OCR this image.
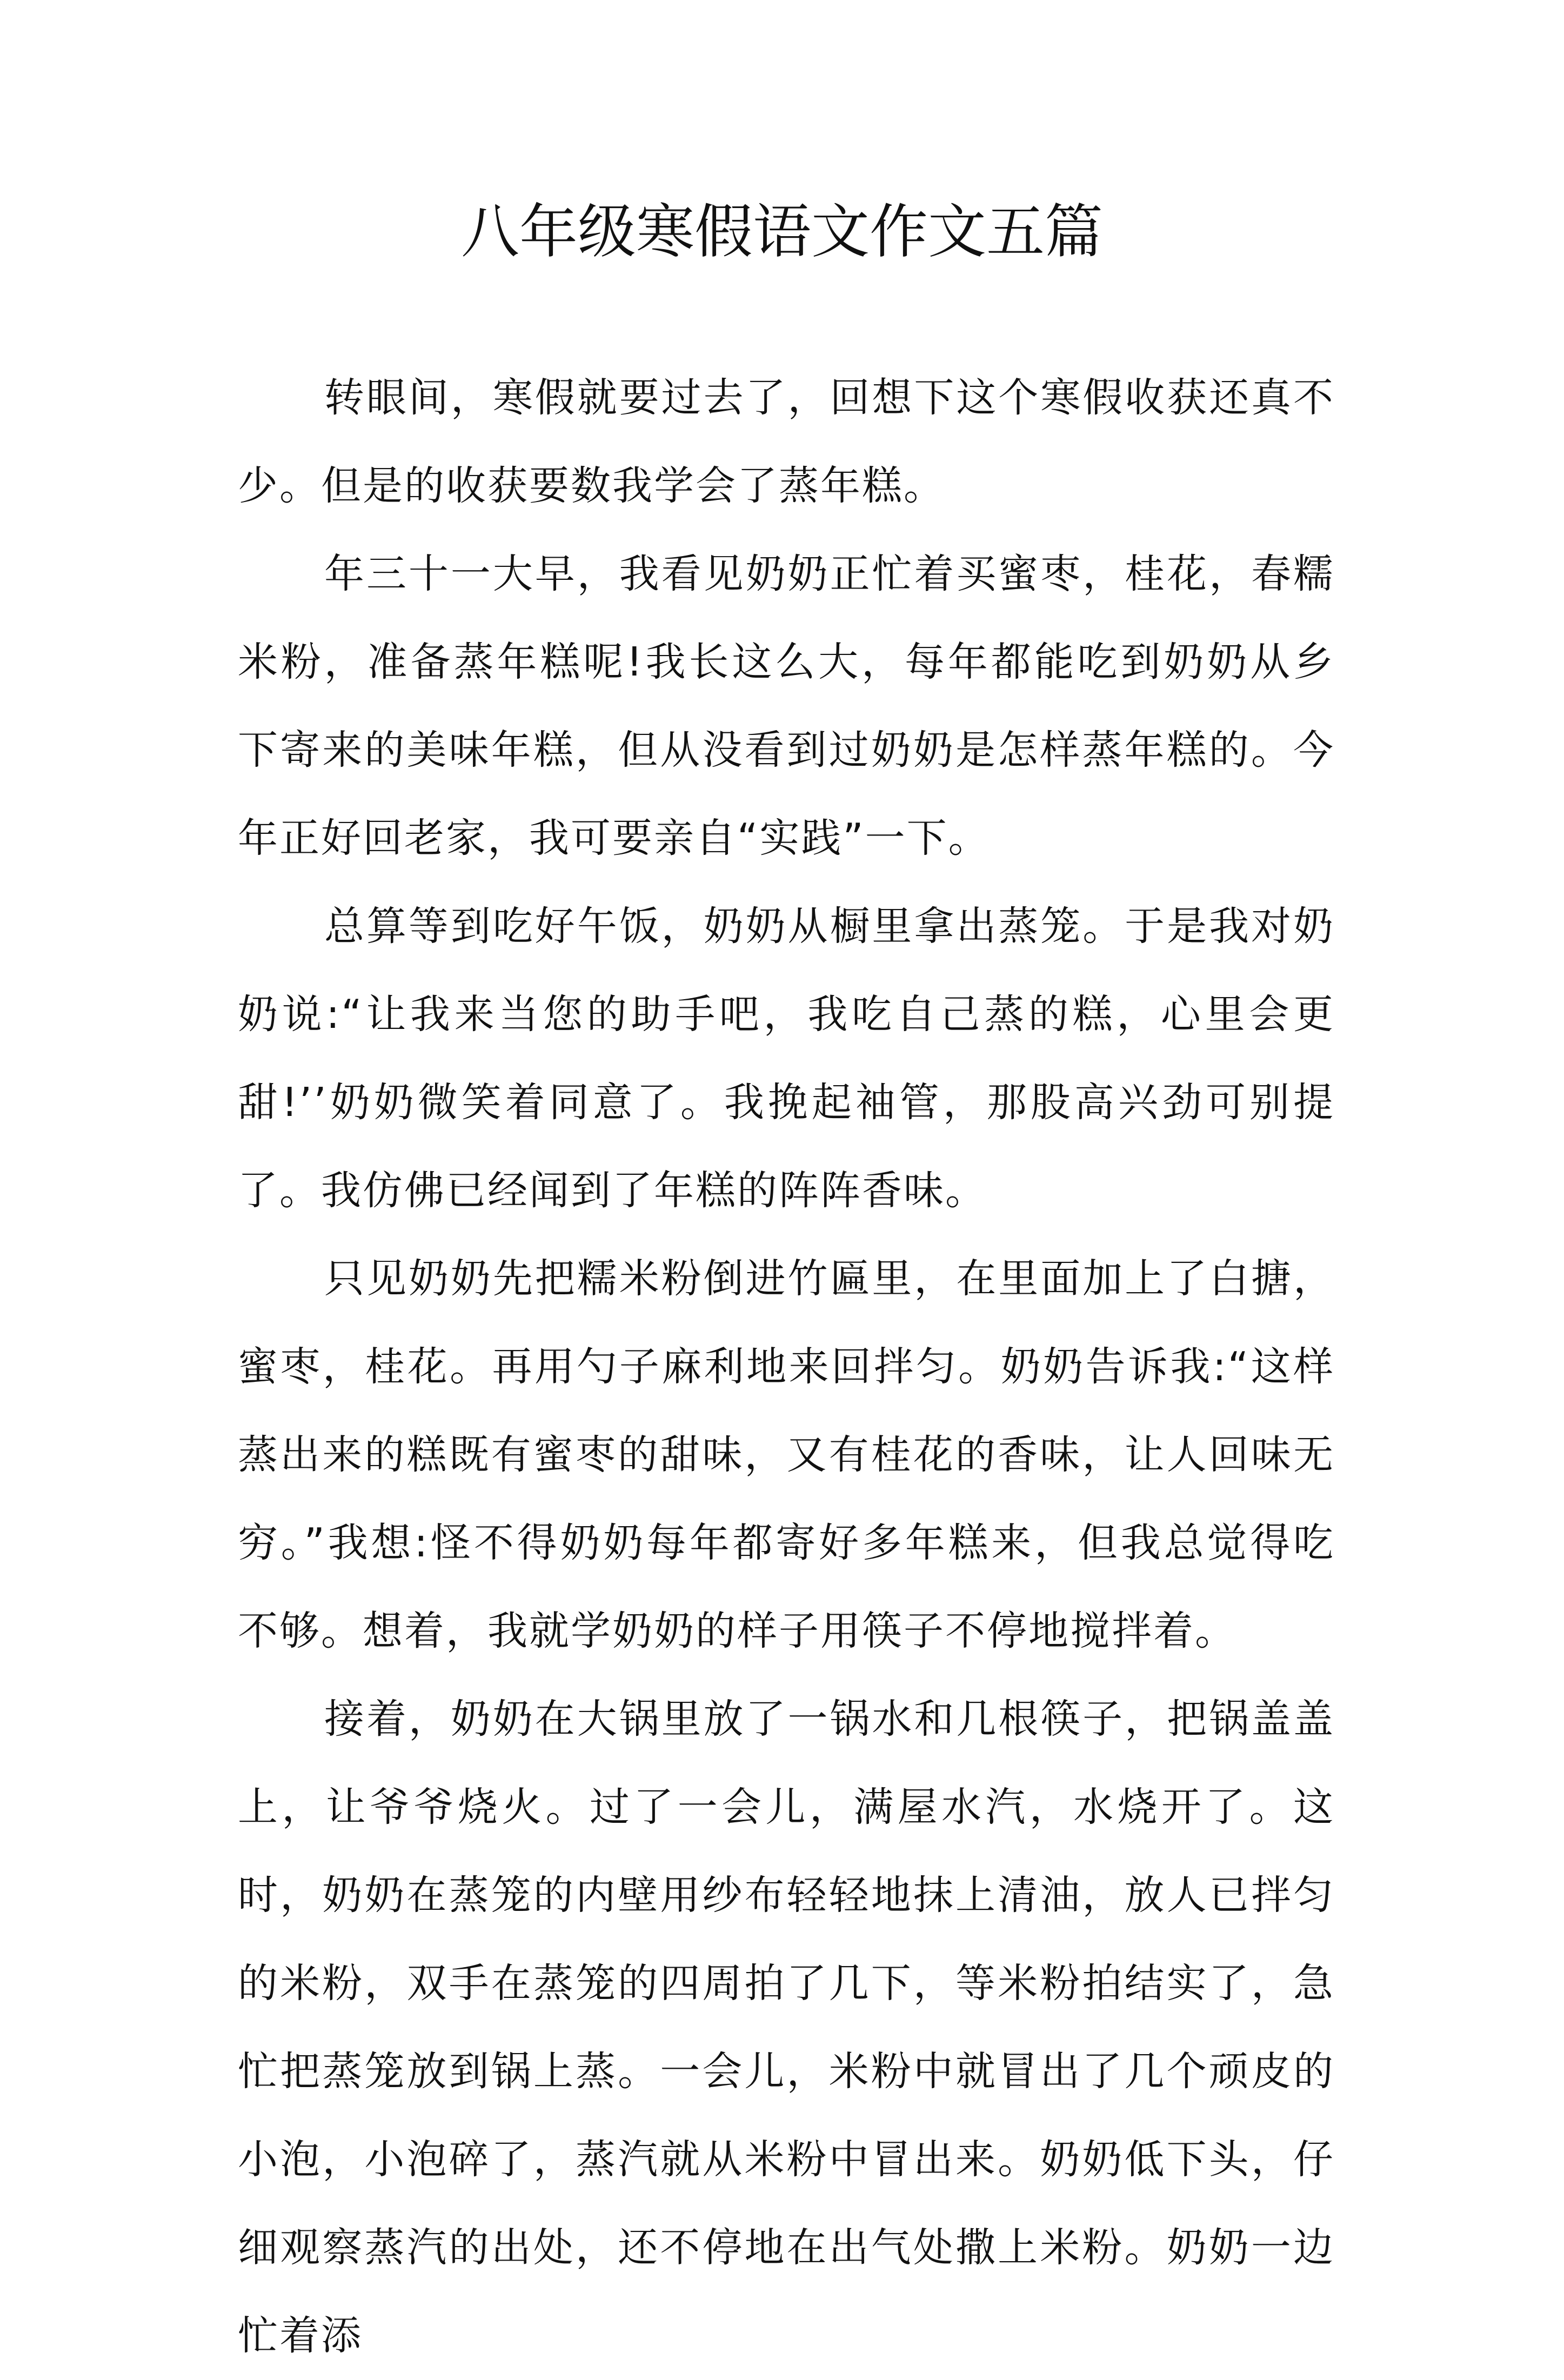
八年级寒假语文作文五篇

转眼间，寒假就要过去了，回想下这个寒假收获还真不少。但是的收获要数我学会了蒸年糕。

年三十一大早，我看见奶奶正忙着买蜜枣，桂花，春糯米粉，准备蒸年糕呢!我长这么大，每年都能吃到奶奶从乡下寄来的美味年糕，但从没看到过奶奶是怎样蒸年糕的。今年正好回老家，我可要亲自“实践”一下。

总算等到吃好午饭，奶奶从橱里拿出蒸笼。于是我对奶奶说:“让我来当您的助手吧，我吃自己蒸的糕，心里会更甜!’’奶奶微笑着同意了。我挽起袖管，那股高兴劲可别提了。我仿佛已经闻到了年糕的阵阵香味。

只见奶奶先把糯米粉倒进竹匾里，在里面加上了白搪，蜜枣，桂花。再用勺子麻利地来回拌匀。奶奶告诉我:“这样蒸出来的糕既有蜜枣的甜味，又有桂花的香味，让人回味无穷。”我想:怪不得奶奶每年都寄好多年糕来，但我总觉得吃不够。想着，我就学奶奶的样子用筷子不停地搅拌着。

接着，奶奶在大锅里放了一锅水和几根筷子，把锅盖盖上，让爷爷烧火。过了一会儿，满屋水汽，水烧开了。这时，奶奶在蒸笼的内壁用纱布轻轻地抹上清油，放人已拌匀的米粉，双手在蒸笼的四周拍了几下，等米粉拍结实了，急忙把蒸笼放到锅上蒸。一会儿，米粉中就冒出了几个顽皮的小泡，小泡碎了，蒸汽就从米粉中冒出来。奶奶低下头，仔细观察蒸汽的出处，还不停地在出气处撒上米粉。奶奶一边忙着添
